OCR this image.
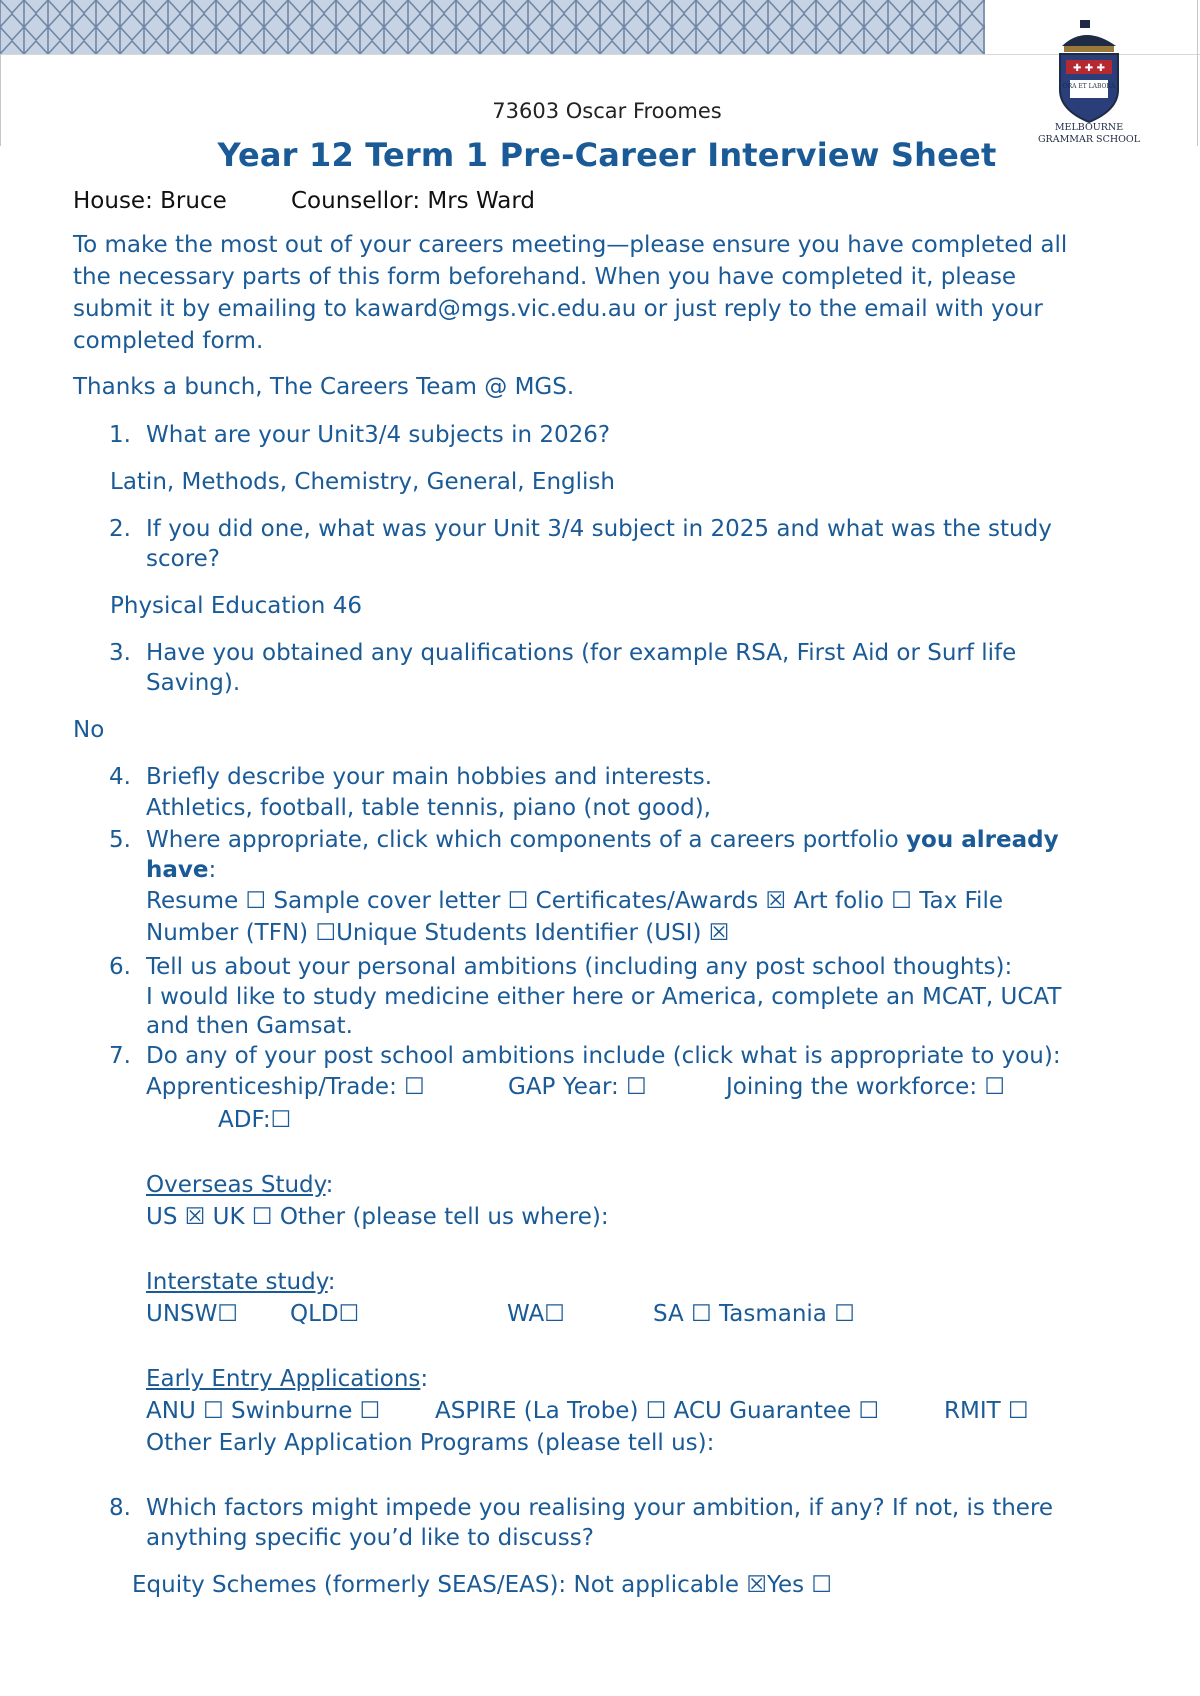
✚ ✚ ✚
ORA ET LABORA
MELBOURNE
GRAMMAR SCHOOL
73603 Oscar Froomes
Year 12 Term 1 Pre-Career Interview Sheet
House: Bruce	Counsellor: Mrs Ward
To make the most out of your careers meeting—please ensure you have completed all
the necessary parts of this form beforehand. When you have completed it, please
submit it by emailing to kaward@mgs.vic.edu.au or just reply to the email with your
completed form.
Thanks a bunch, The Careers Team @ MGS.
1. What are your Unit3/4 subjects in 2026?
Latin, Methods, Chemistry, General, English
2. If you did one, what was your Unit 3/4 subject in 2025 and what was the study
score?
Physical Education 46
3. Have you obtained any qualifications (for example RSA, First Aid or Surf life
Saving).
No
4. Briefly describe your main hobbies and interests.
Athletics, football, table tennis, piano (not good),
5. Where appropriate, click which components of a careers portfolio you already
have:
Resume ☐ Sample cover letter ☐ Certificates/Awards ☒ Art folio ☐ Tax File
Number (TFN) ☐Unique Students Identifier (USI) ☒
6. Tell us about your personal ambitions (including any post school thoughts):
I would like to study medicine either here or America, complete an MCAT, UCAT
and then Gamsat.
7. Do any of your post school ambitions include (click what is appropriate to you):
Apprenticeship/Trade: ☐	GAP Year: ☐	Joining the workforce: ☐
ADF:☐
Overseas Study:
US ☒ UK ☐ Other (please tell us where):
Interstate study:
UNSW☐ QLD☐	WA☐	SA ☐ Tasmania ☐
Early Entry Applications:
ANU ☐ Swinburne ☐ ASPIRE (La Trobe) ☐ ACU Guarantee ☐	RMIT ☐
Other Early Application Programs (please tell us):
8. Which factors might impede you realising your ambition, if any? If not, is there
anything specific you’d like to discuss?
Equity Schemes (formerly SEAS/EAS): Not applicable ☒Yes ☐
